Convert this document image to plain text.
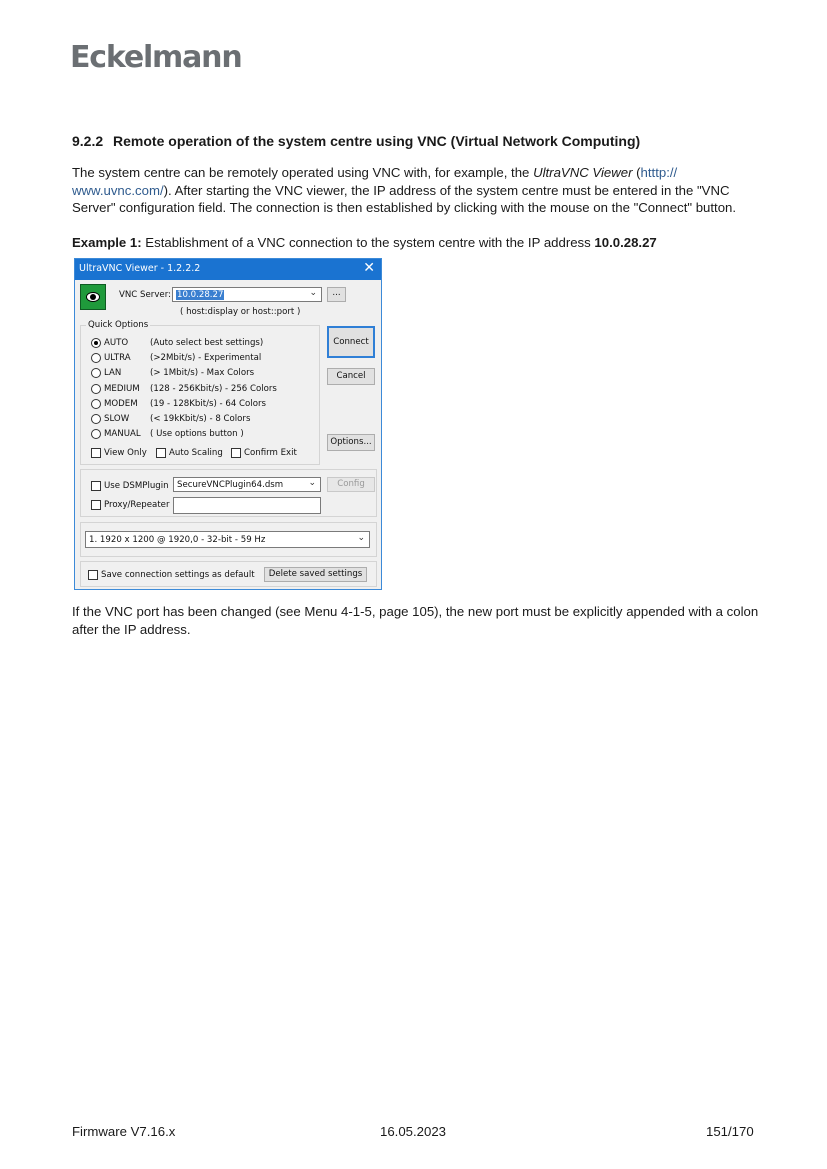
Eckelmann
9.2.2 Remote operation of the system centre using VNC (Virtual Network Computing)
The system centre can be remotely operated using VNC with, for example, the UltraVNC Viewer (htttp://​www.uvnc.com/). After starting the VNC viewer, the IP address of the system centre must be entered in the "VNC Server" configuration field. The connection is then established by clicking with the mouse on the "Connect" button.
Example 1: Establishment of a VNC connection to the system centre with the IP address 10.0.28.27
UltraVNC Viewer - 1.2.2.2	✕
VNC Server: 10.0.28.27	⌄	...
( host:display or host::port )
Quick Options
AUTO	(Auto select best settings)
ULTRA (>2Mbit/s) - Experimental
LAN	(> 1Mbit/s) - Max Colors
MEDIUM (128 - 256Kbit/s) - 256 Colors
MODEM (19 - 128Kbit/s) - 64 Colors
SLOW (< 19kKbit/s) - 8 Colors
MANUAL ( Use options button )
View Only	Auto Scaling Confirm Exit
Connect
Cancel
Options...
Use DSMPlugin SecureVNCPlugin64.dsm	⌄	Config
Proxy/Repeater
1. 1920 x 1200 @ 1920,0 - 32-bit - 59 Hz	⌄
Save connection settings as default	Delete saved settings
If the VNC port has been changed (see Menu 4-1-5, page 105), the new port must be explicitly appended with a colon after the IP address.
Firmware V7.16.x	16.05.2023	151/170
